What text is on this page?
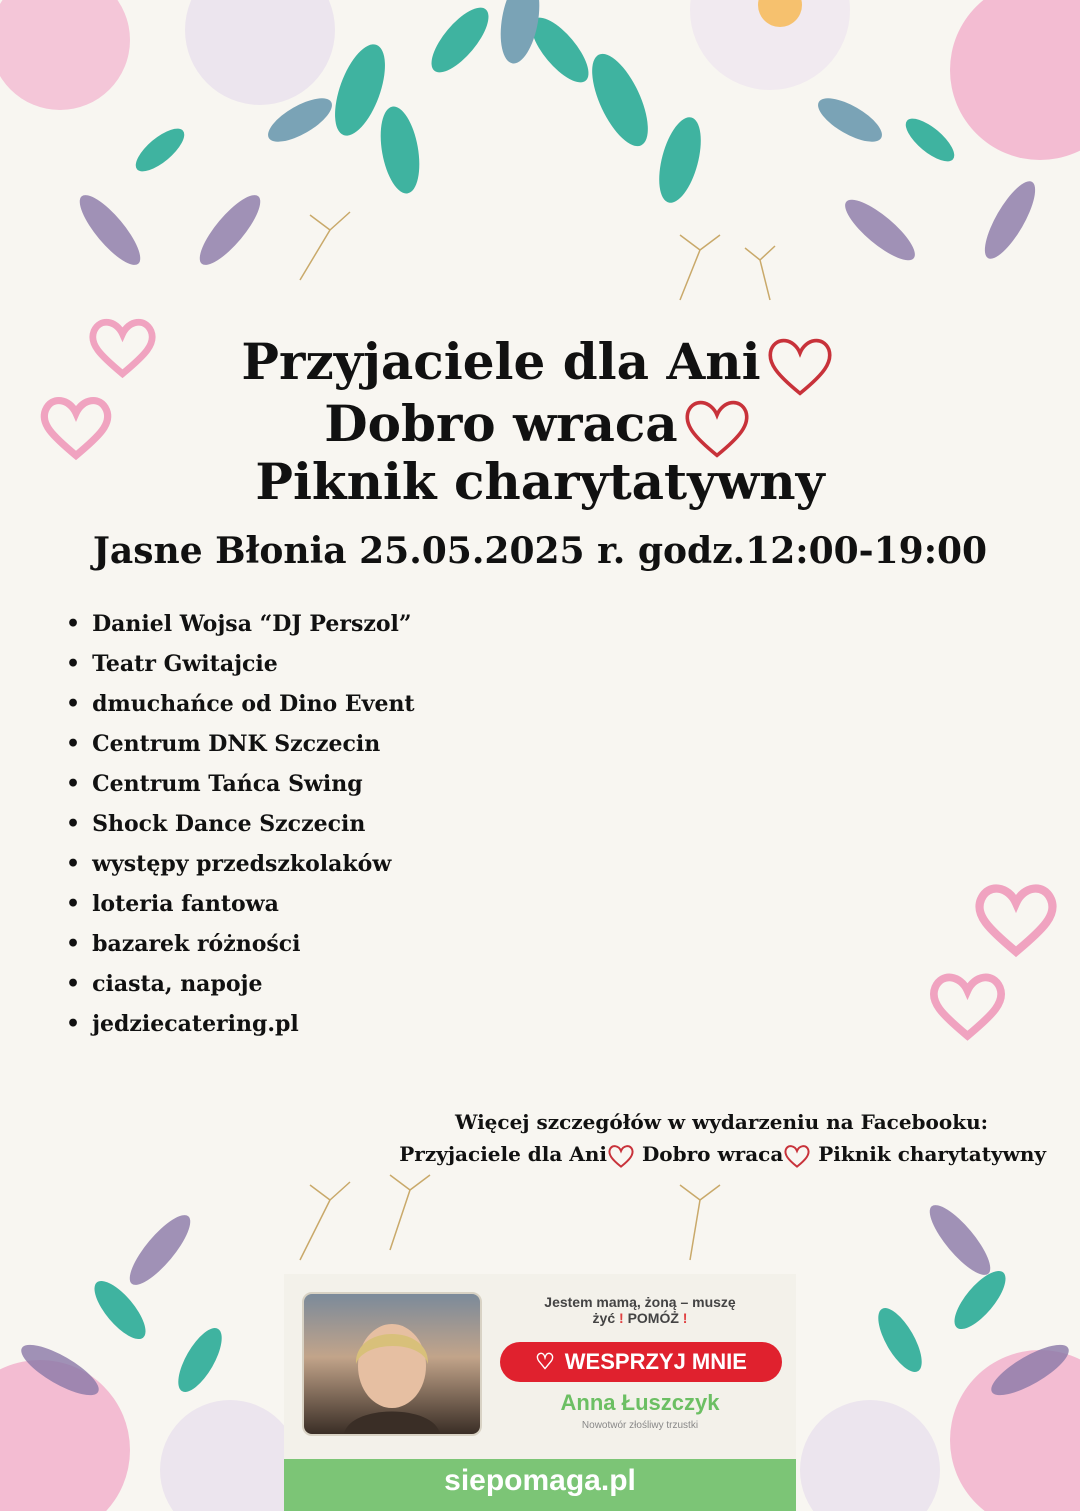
Przyjaciele dla Ani
Dobro wraca
Piknik charytatywny
Jasne Błonia 25.05.2025 r. godz.12:00-19:00
• Daniel Wojsa “DJ Perszol”
• Teatr Gwitajcie
• dmuchańce od Dino Event
• Centrum DNK Szczecin
• Centrum Tańca Swing
• Shock Dance Szczecin
• występy przedszkolaków
• loteria fantowa
• bazarek różności
• ciasta, napoje
• jedziecatering.pl
Więcej szczegółów w wydarzeniu na Facebooku:
Przyjaciele dla Ani Dobro wraca Piknik charytatywny
Jestem mamą, żoną – muszę
żyć ! POMÓŻ !
♡ WESPRZYJ MNIE
Anna Łuszczyk
Nowotwór złośliwy trzustki
siepomaga.pl
